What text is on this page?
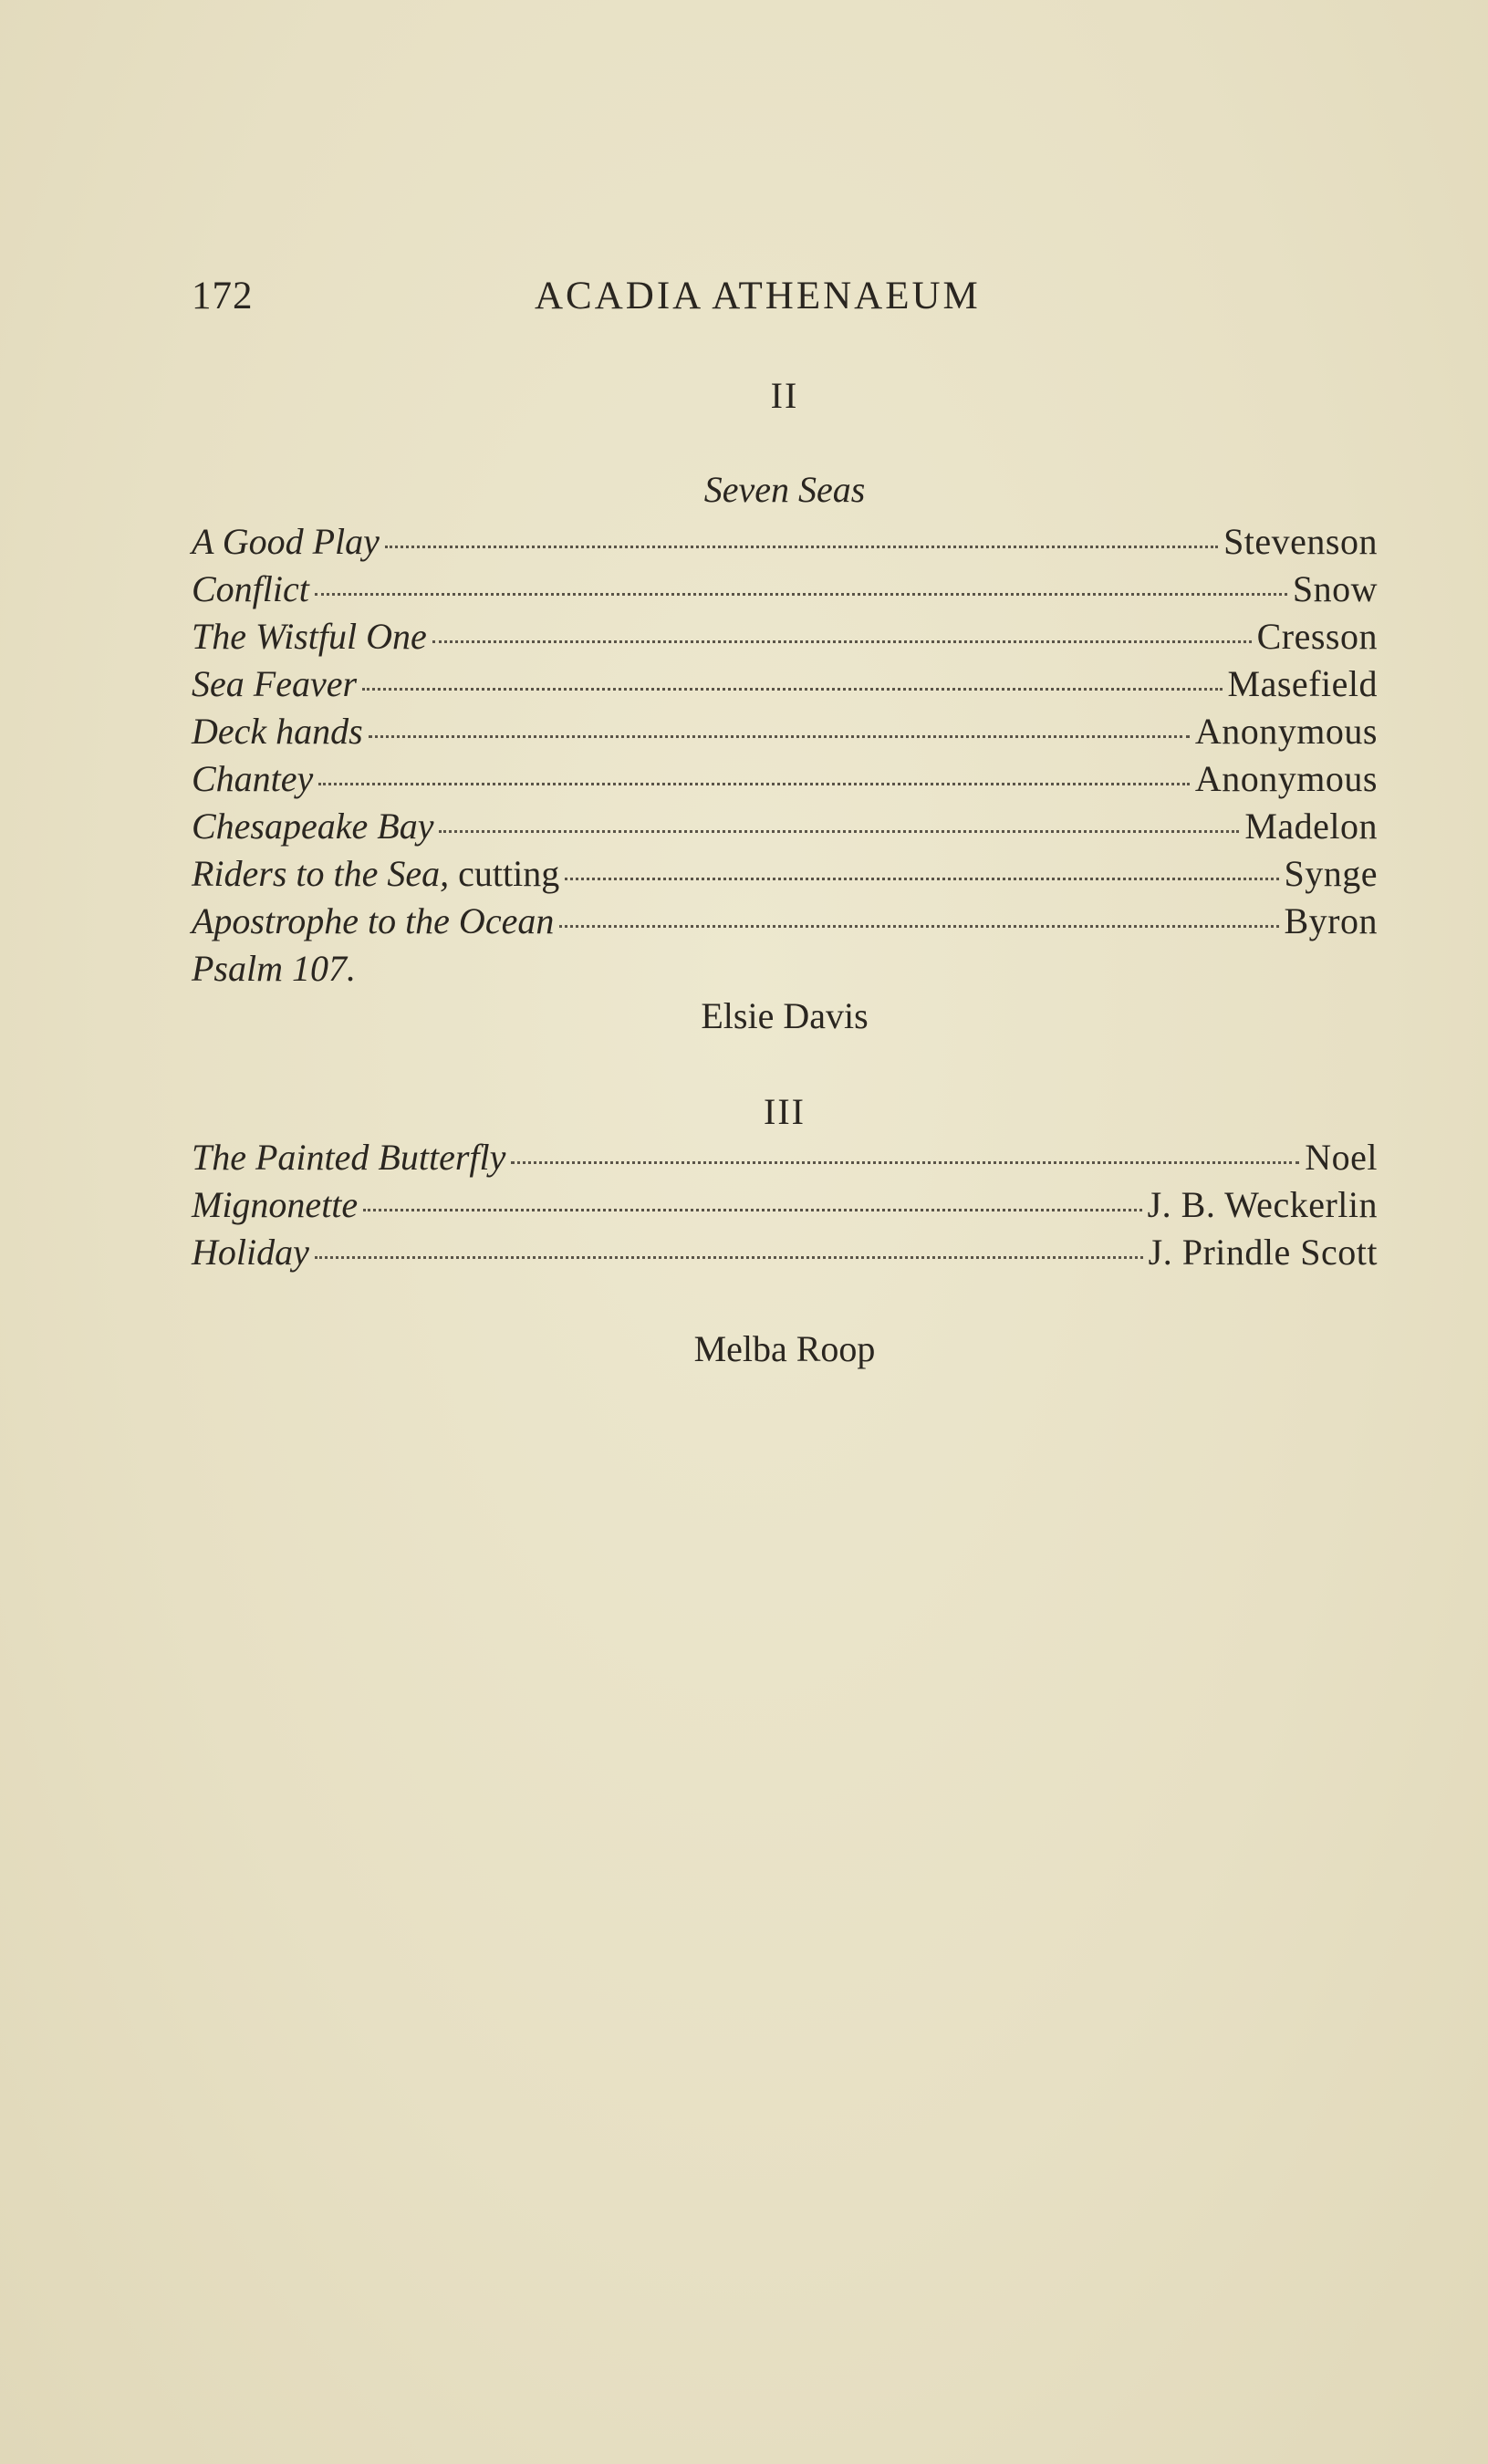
172	ACADIA ATHENAEUM
II
Seven Seas
A Good Play	Stevenson
Conflict	Snow
The Wistful One	Cresson
Sea Feaver	Masefield
Deck hands	Anonymous
Chantey	Anonymous
Chesapeake Bay	Madelon
Riders to the Sea, cutting	Synge
Apostrophe to the Ocean	Byron
Psalm 107.
Elsie Davis
III
The Painted Butterfly	Noel
Mignonette	J. B. Weckerlin
Holiday	J. Prindle Scott
Melba Roop
